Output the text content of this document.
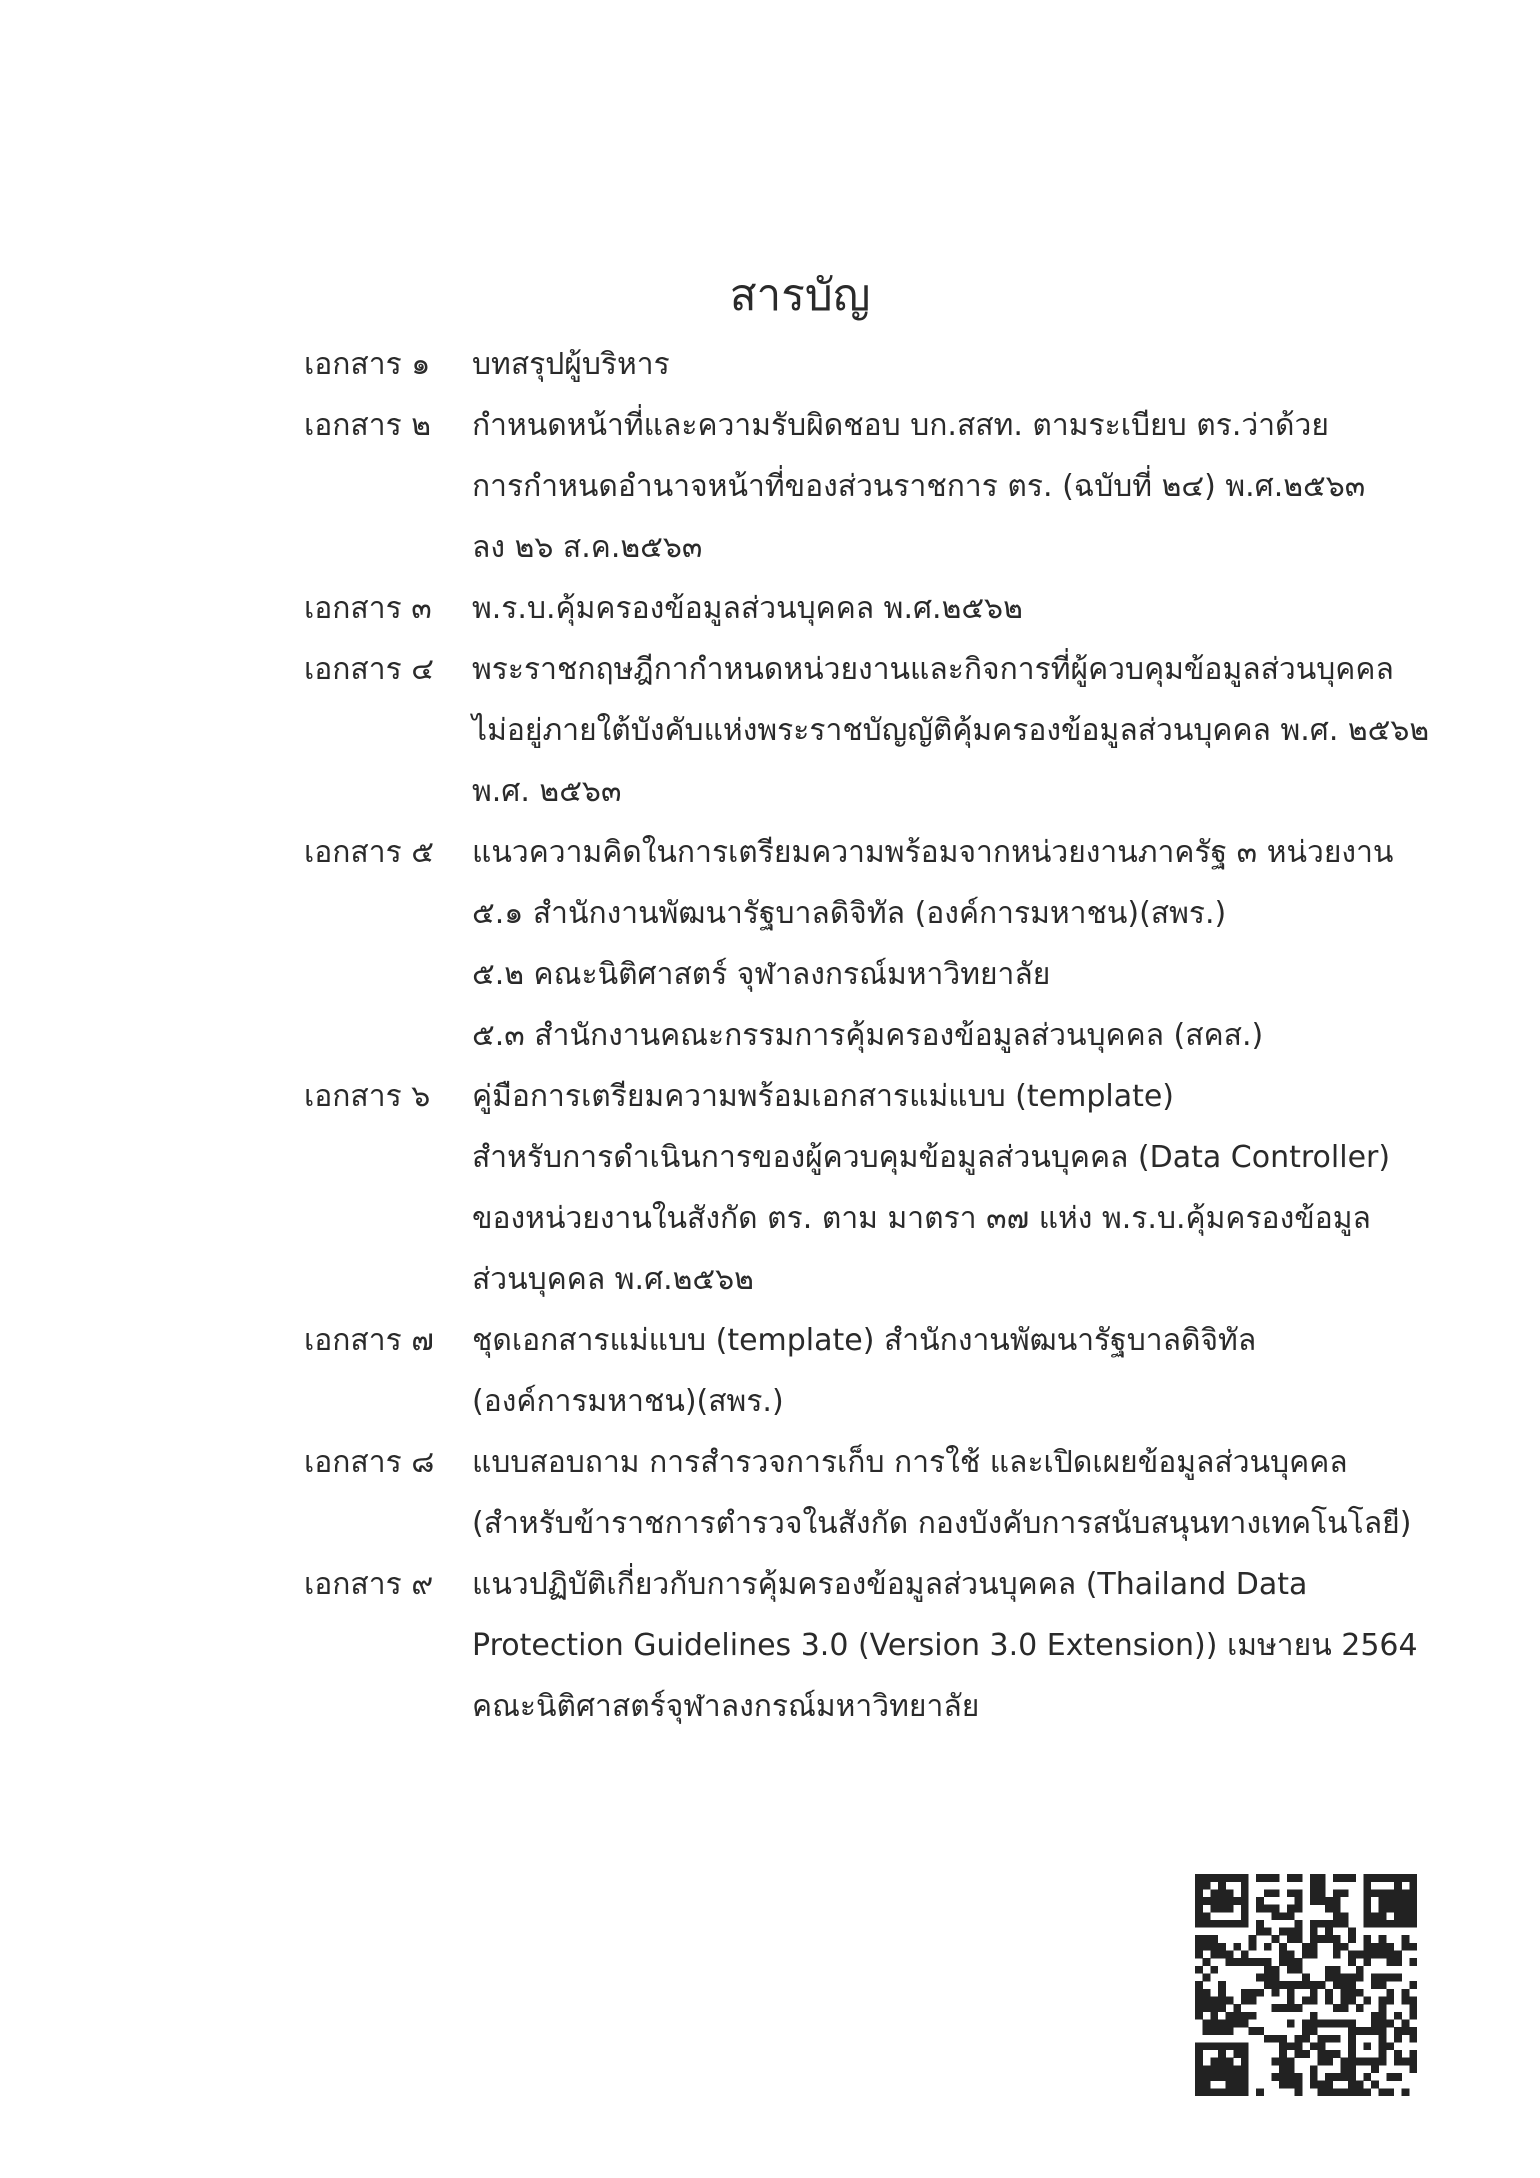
สารบัญ
เอกสาร ๑	บทสรุปผู้บริหาร
เอกสาร ๒	กำหนดหน้าที่และความรับผิดชอบ บก.สสท. ตามระเบียบ ตร.ว่าด้วย
การกำหนดอำนาจหน้าที่ของส่วนราชการ ตร. (ฉบับที่ ๒๔) พ.ศ.๒๕๖๓
ลง ๒๖ ส.ค.๒๕๖๓
เอกสาร ๓	พ.ร.บ.คุ้มครองข้อมูลส่วนบุคคล พ.ศ.๒๕๖๒
เอกสาร ๔	พระราชกฤษฎีกากำหนดหน่วยงานและกิจการที่ผู้ควบคุมข้อมูลส่วนบุคคล
ไม่อยู่ภายใต้บังคับแห่งพระราชบัญญัติคุ้มครองข้อมูลส่วนบุคคล พ.ศ. ๒๕๖๒
พ.ศ. ๒๕๖๓
เอกสาร ๕	แนวความคิดในการเตรียมความพร้อมจากหน่วยงานภาครัฐ ๓ หน่วยงาน
๕.๑ สำนักงานพัฒนารัฐบาลดิจิทัล (องค์การมหาชน)(สพร.)
๕.๒ คณะนิติศาสตร์ จุฬาลงกรณ์มหาวิทยาลัย
๕.๓ สำนักงานคณะกรรมการคุ้มครองข้อมูลส่วนบุคคล (สคส.)
เอกสาร ๖	คู่มือการเตรียมความพร้อมเอกสารแม่แบบ (template)
สำหรับการดำเนินการของผู้ควบคุมข้อมูลส่วนบุคคล (Data Controller)
ของหน่วยงานในสังกัด ตร. ตาม มาตรา ๓๗ แห่ง พ.ร.บ.คุ้มครองข้อมูล
ส่วนบุคคล พ.ศ.๒๕๖๒
เอกสาร ๗	ชุดเอกสารแม่แบบ (template) สำนักงานพัฒนารัฐบาลดิจิทัล
(องค์การมหาชน)(สพร.)
เอกสาร ๘	แบบสอบถาม การสำรวจการเก็บ การใช้ และเปิดเผยข้อมูลส่วนบุคคล
(สำหรับข้าราชการตำรวจในสังกัด กองบังคับการสนับสนุนทางเทคโนโลยี)
เอกสาร ๙	แนวปฏิบัติเกี่ยวกับการคุ้มครองข้อมูลส่วนบุคคล (Thailand Data
Protection Guidelines 3.0 (Version 3.0 Extension)) เมษายน 2564
คณะนิติศาสตร์จุฬาลงกรณ์มหาวิทยาลัย
